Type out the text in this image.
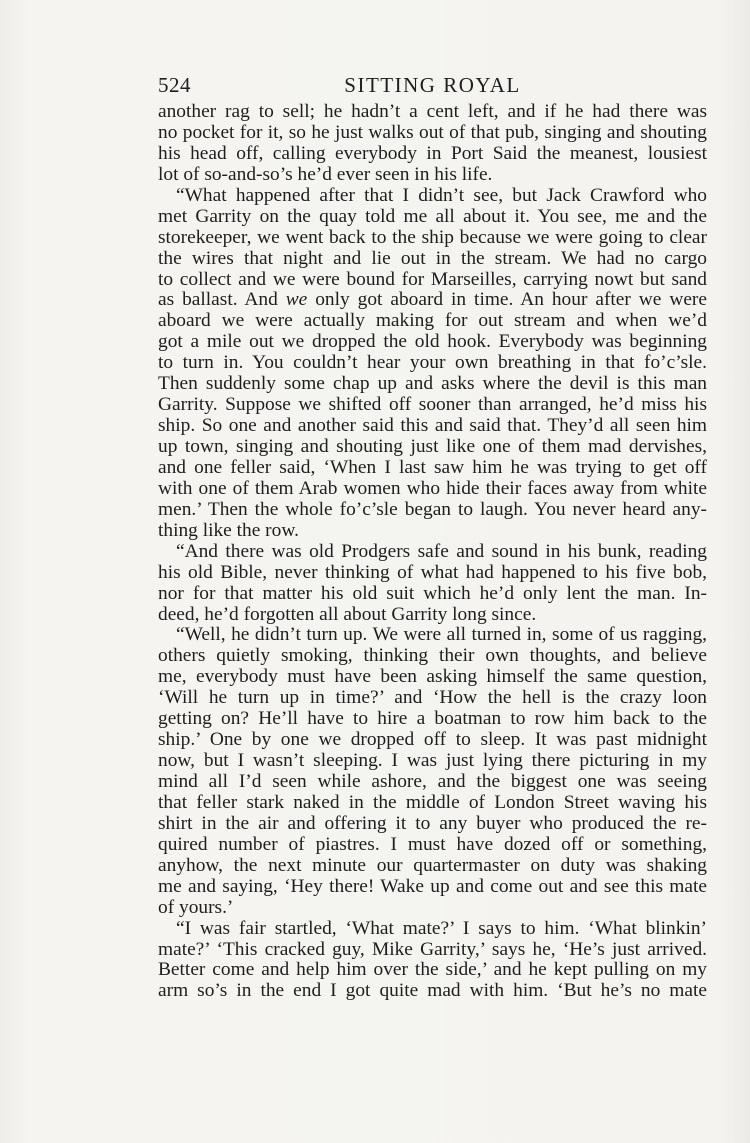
524	SITTING ROYAL
another rag to sell; he hadn’t a cent left, and if he had there was
no pocket for it, so he just walks out of that pub, singing and shouting
his head off, calling everybody in Port Said the meanest, lousiest
lot of so-and-so’s he’d ever seen in his life.
“What happened after that I didn’t see, but Jack Crawford who
met Garrity on the quay told me all about it. You see, me and the
storekeeper, we went back to the ship because we were going to clear
the wires that night and lie out in the stream. We had no cargo
to collect and we were bound for Marseilles, carrying nowt but sand
as ballast. And we only got aboard in time. An hour after we were
aboard we were actually making for out stream and when we’d
got a mile out we dropped the old hook. Everybody was beginning
to turn in. You couldn’t hear your own breathing in that fo’c’sle.
Then suddenly some chap up and asks where the devil is this man
Garrity. Suppose we shifted off sooner than arranged, he’d miss his
ship. So one and another said this and said that. They’d all seen him
up town, singing and shouting just like one of them mad dervishes,
and one feller said, ‘When I last saw him he was trying to get off
with one of them Arab women who hide their faces away from white
men.’ Then the whole fo’c’sle began to laugh. You never heard any-
thing like the row.
“And there was old Prodgers safe and sound in his bunk, reading
his old Bible, never thinking of what had happened to his five bob,
nor for that matter his old suit which he’d only lent the man. In-
deed, he’d forgotten all about Garrity long since.
“Well, he didn’t turn up. We were all turned in, some of us ragging,
others quietly smoking, thinking their own thoughts, and believe
me, everybody must have been asking himself the same question,
‘Will he turn up in time?’ and ‘How the hell is the crazy loon
getting on? He’ll have to hire a boatman to row him back to the
ship.’ One by one we dropped off to sleep. It was past midnight
now, but I wasn’t sleeping. I was just lying there picturing in my
mind all I’d seen while ashore, and the biggest one was seeing
that feller stark naked in the middle of London Street waving his
shirt in the air and offering it to any buyer who produced the re-
quired number of piastres. I must have dozed off or something,
anyhow, the next minute our quartermaster on duty was shaking
me and saying, ‘Hey there! Wake up and come out and see this mate
of yours.’
“I was fair startled, ‘What mate?’ I says to him. ‘What blinkin’
mate?’ ‘This cracked guy, Mike Garrity,’ says he, ‘He’s just arrived.
Better come and help him over the side,’ and he kept pulling on my
arm so’s in the end I got quite mad with him. ‘But he’s no mate
